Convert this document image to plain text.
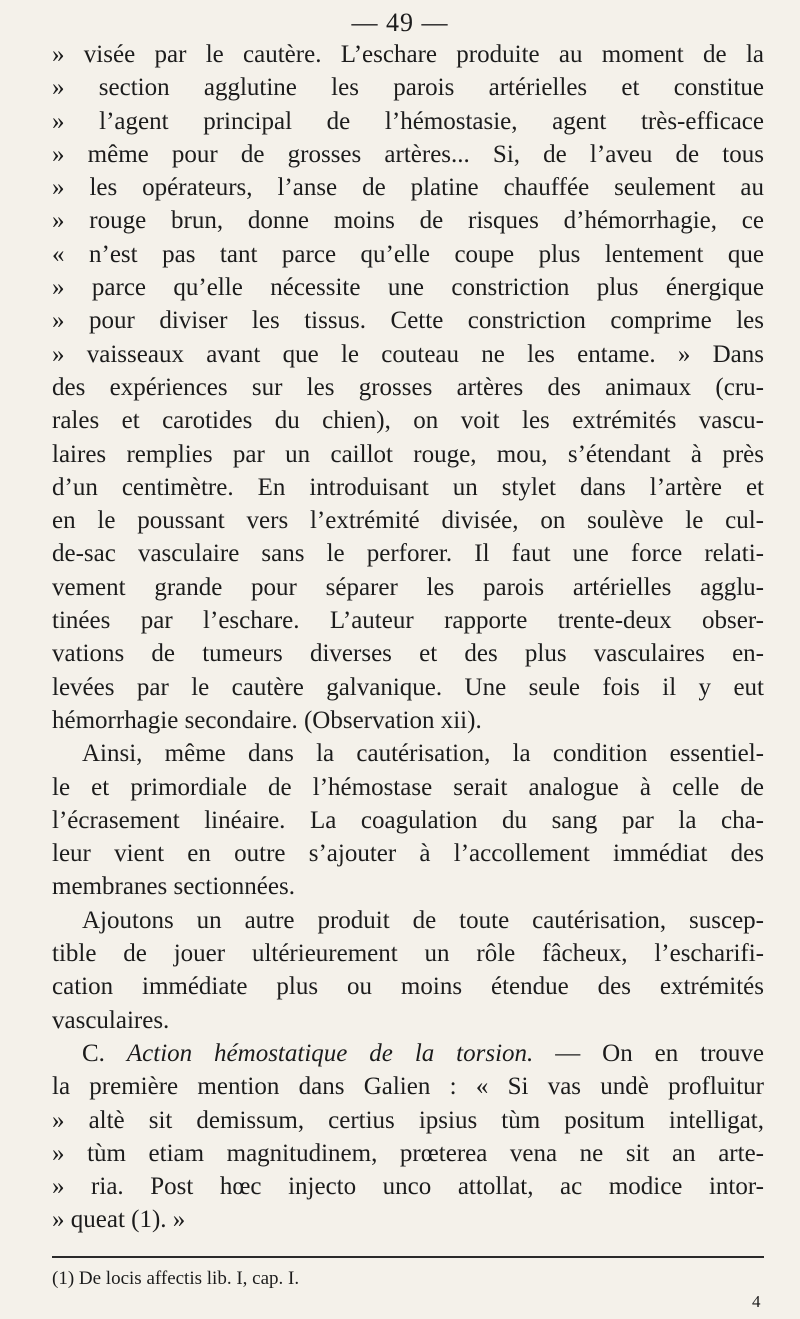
— 49 —
» visée par le cautère. L’eschare produite au moment de la
» section agglutine les parois artérielles et constitue
» l’agent principal de l’hémostasie, agent très-efficace
» même pour de grosses artères... Si, de l’aveu de tous
» les opérateurs, l’anse de platine chauffée seulement au
» rouge brun, donne moins de risques d’hémorrhagie, ce
« n’est pas tant parce qu’elle coupe plus lentement que
» parce qu’elle nécessite une constriction plus énergique
» pour diviser les tissus. Cette constriction comprime les
» vaisseaux avant que le couteau ne les entame. » Dans
des expériences sur les grosses artères des animaux (cru-
rales et carotides du chien), on voit les extrémités vascu-
laires remplies par un caillot rouge, mou, s’étendant à près
d’un centimètre. En introduisant un stylet dans l’artère et
en le poussant vers l’extrémité divisée, on soulève le cul-
de-sac vasculaire sans le perforer. Il faut une force relati-
vement grande pour séparer les parois artérielles agglu-
tinées par l’eschare. L’auteur rapporte trente-deux obser-
vations de tumeurs diverses et des plus vasculaires en-
levées par le cautère galvanique. Une seule fois il y eut
hémorrhagie secondaire. (Observation xii).
Ainsi, même dans la cautérisation, la condition essentiel-
le et primordiale de l’hémostase serait analogue à celle de
l’écrasement linéaire. La coagulation du sang par la cha-
leur vient en outre s’ajouter à l’accollement immédiat des
membranes sectionnées.
Ajoutons un autre produit de toute cautérisation, suscep-
tible de jouer ultérieurement un rôle fâcheux, l’escharifi-
cation immédiate plus ou moins étendue des extrémités
vasculaires.
C. Action hémostatique de la torsion. — On en trouve
la première mention dans Galien : « Si vas undè profluitur
» altè sit demissum, certius ipsius tùm positum intelligat,
» tùm etiam magnitudinem, prœterea vena ne sit an arte-
» ria. Post hœc injecto unco attollat, ac modice intor-
» queat (1). »
(1) De locis affectis lib. I, cap. I.
4
